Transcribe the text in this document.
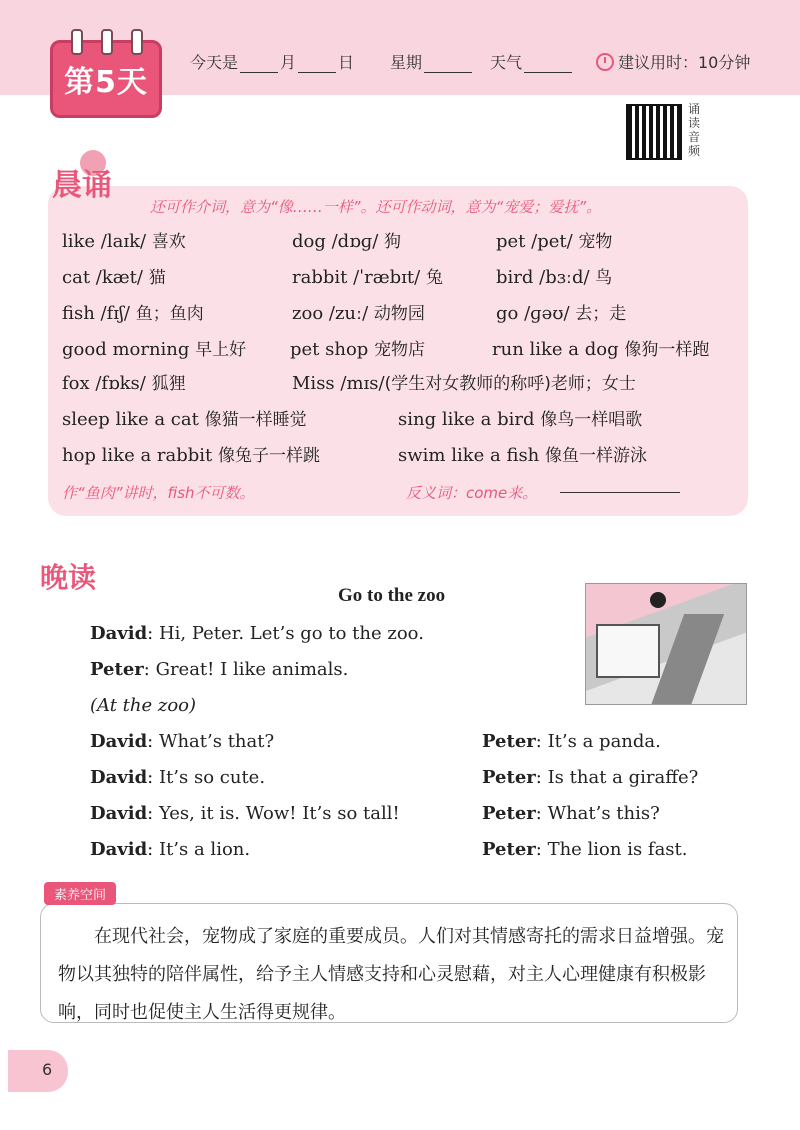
第5天
今天是	月	日 星期	天气	建议用时：10分钟
诵读音频
晨诵
还可作介词，意为“像……一样”。还可作动词，意为“宠爱；爱抚”。
like /laɪk/ 喜欢	dog /dɒɡ/ 狗	pet /pet/ 宠物
cat /kæt/ 猫	rabbit /ˈræbɪt/ 兔	bird /bɜːd/ 鸟
fish /fɪʃ/ 鱼；鱼肉	zoo /zuː/ 动物园	go /ɡəʊ/ 去；走
good morning 早上好 pet shop 宠物店	run like a dog 像狗一样跑
fox /fɒks/ 狐狸	Miss /mɪs/(学生对女教师的称呼)老师；女士
sleep like a cat 像猫一样睡觉	sing like a bird 像鸟一样唱歌
hop like a rabbit 像兔子一样跳	swim like a fish 像鱼一样游泳
作“鱼肉”讲时，fish不可数。	反义词：come来。
晚读
Go to the zoo
David: Hi, Peter. Let’s go to the zoo.
Peter: Great! I like animals.
(At the zoo)
David: What’s that?
David: It’s so cute.
David: Yes, it is. Wow! It’s so tall!
David: It’s a lion.
Peter: It’s a panda.
Peter: Is that a giraffe?
Peter: What’s this?
Peter: The lion is fast.
素养空间
在现代社会，宠物成了家庭的重要成员。人们对其情感寄托的需求日益增强。宠物以其独特的陪伴属性，给予主人情感支持和心灵慰藉，对主人心理健康有积极影响，同时也促使主人生活得更规律。
6
